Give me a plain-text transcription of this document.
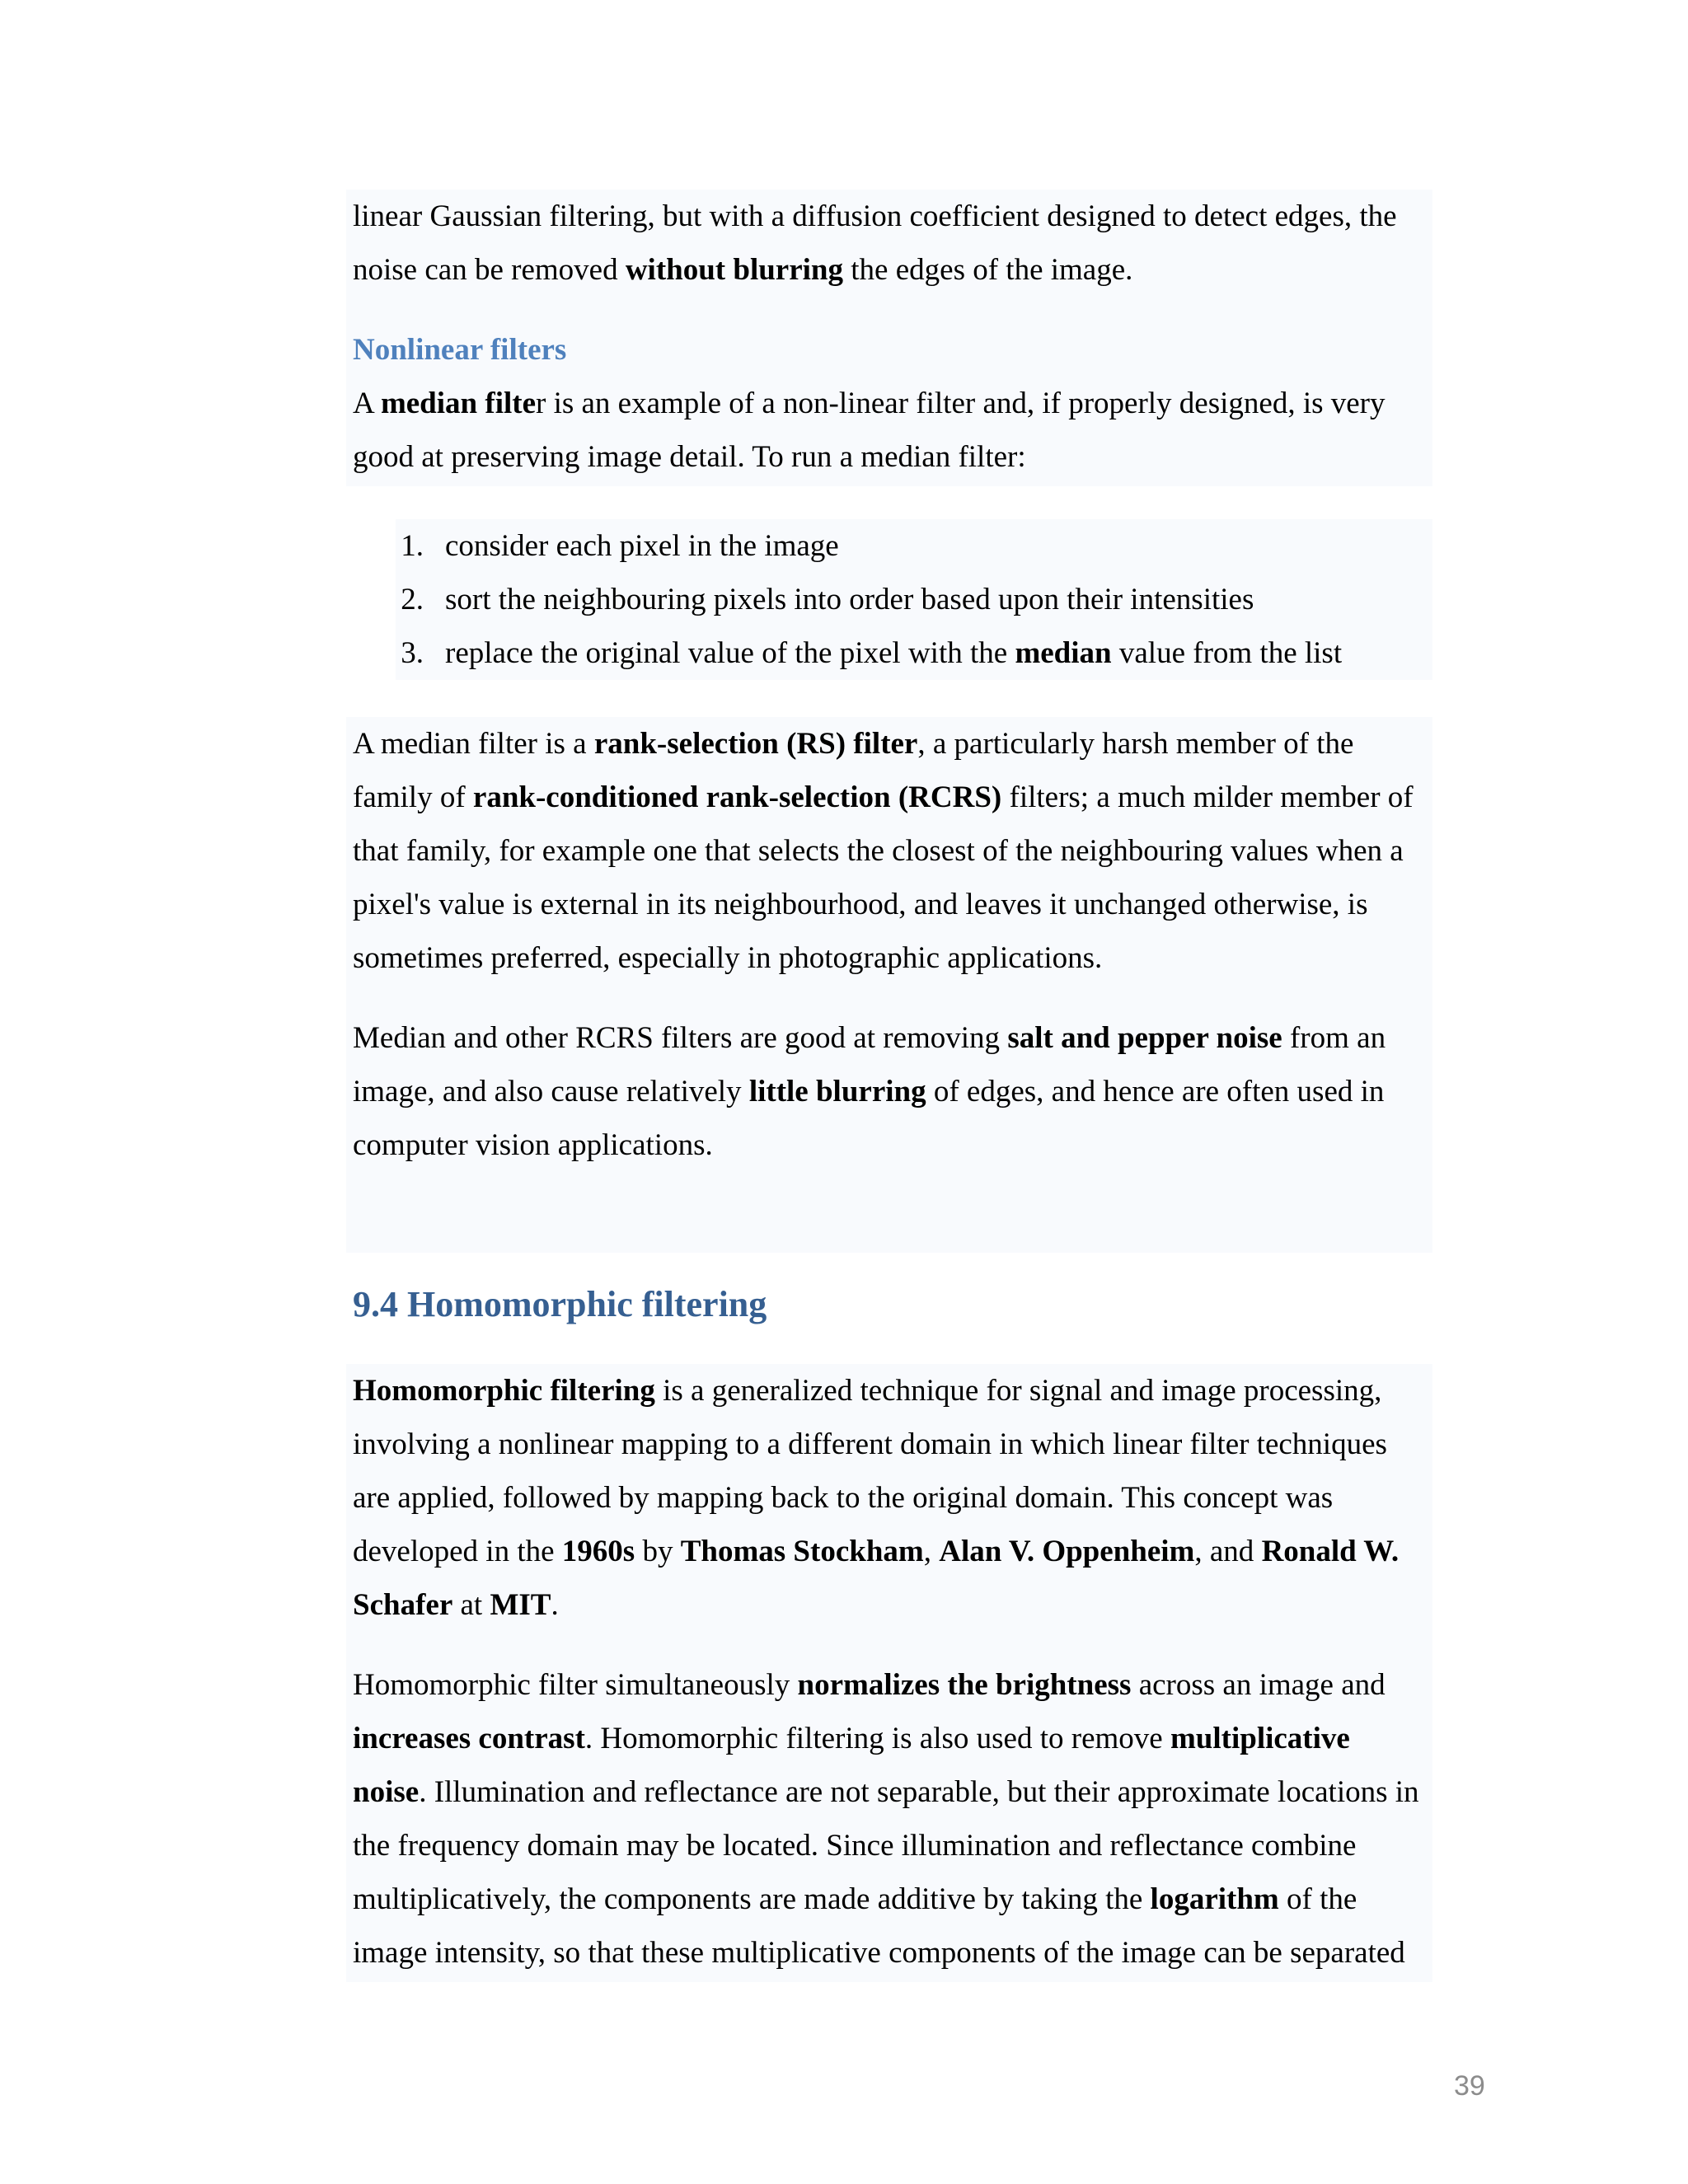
linear Gaussian filtering, but with a diffusion coefficient designed to detect edges, the noise can be removed without blurring the edges of the image.

Nonlinear filters

A median filter is an example of a non-linear filter and, if properly designed, is very good at preserving image detail. To run a median filter:

1. consider each pixel in the image
2. sort the neighbouring pixels into order based upon their intensities
3. replace the original value of the pixel with the median value from the list

A median filter is a rank-selection (RS) filter, a particularly harsh member of the family of rank-conditioned rank-selection (RCRS) filters; a much milder member of that family, for example one that selects the closest of the neighbouring values when a pixel's value is external in its neighbourhood, and leaves it unchanged otherwise, is sometimes preferred, especially in photographic applications.

Median and other RCRS filters are good at removing salt and pepper noise from an image, and also cause relatively little blurring of edges, and hence are often used in computer vision applications.

9.4 Homomorphic filtering

Homomorphic filtering is a generalized technique for signal and image processing, involving a nonlinear mapping to a different domain in which linear filter techniques are applied, followed by mapping back to the original domain. This concept was developed in the 1960s by Thomas Stockham, Alan V. Oppenheim, and Ronald W. Schafer at MIT.

Homomorphic filter simultaneously normalizes the brightness across an image and increases contrast. Homomorphic filtering is also used to remove multiplicative noise. Illumination and reflectance are not separable, but their approximate locations in the frequency domain may be located. Since illumination and reflectance combine multiplicatively, the components are made additive by taking the logarithm of the image intensity, so that these multiplicative components of the image can be separated

39
